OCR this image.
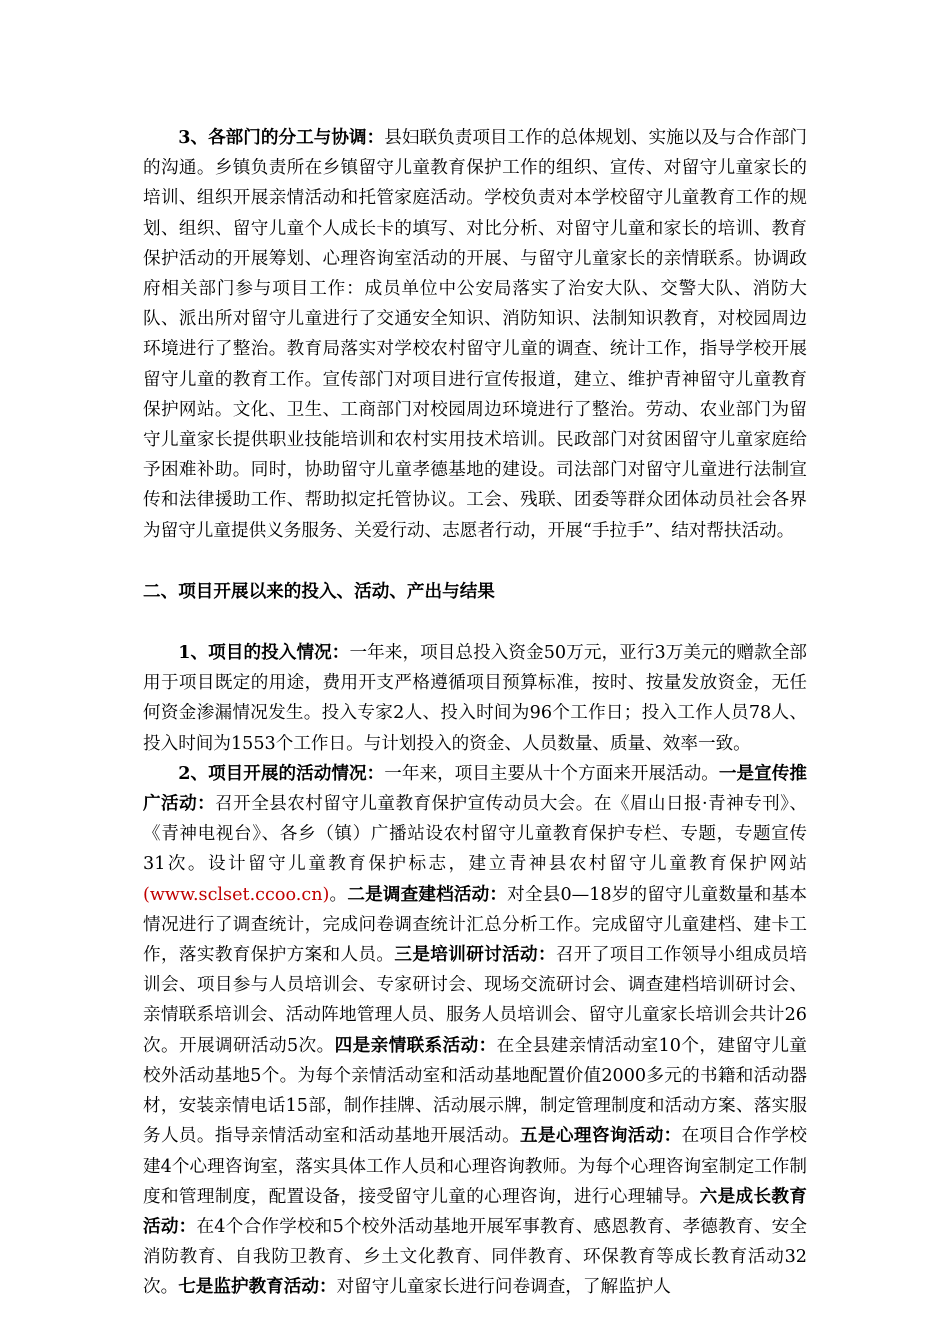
3、各部门的分工与协调：县妇联负责项目工作的总体规划、实施以及与合作部门的沟通。乡镇负责所在乡镇留守儿童教育保护工作的组织、宣传、对留守儿童家长的培训、组织开展亲情活动和托管家庭活动。学校负责对本学校留守儿童教育工作的规划、组织、留守儿童个人成长卡的填写、对比分析、对留守儿童和家长的培训、教育保护活动的开展筹划、心理咨询室活动的开展、与留守儿童家长的亲情联系。协调政府相关部门参与项目工作：成员单位中公安局落实了治安大队、交警大队、消防大队、派出所对留守儿童进行了交通安全知识、消防知识、法制知识教育，对校园周边环境进行了整治。教育局落实对学校农村留守儿童的调查、统计工作，指导学校开展留守儿童的教育工作。宣传部门对项目进行宣传报道，建立、维护青神留守儿童教育保护网站。文化、卫生、工商部门对校园周边环境进行了整治。劳动、农业部门为留守儿童家长提供职业技能培训和农村实用技术培训。民政部门对贫困留守儿童家庭给予困难补助。同时，协助留守儿童孝德基地的建设。司法部门对留守儿童进行法制宣传和法律援助工作、帮助拟定托管协议。工会、残联、团委等群众团体动员社会各界为留守儿童提供义务服务、关爱行动、志愿者行动，开展“手拉手”、结对帮扶活动。

二、项目开展以来的投入、活动、产出与结果

1、项目的投入情况：一年来，项目总投入资金50万元，亚行3万美元的赠款全部用于项目既定的用途，费用开支严格遵循项目预算标准，按时、按量发放资金，无任何资金渗漏情况发生。投入专家2人、投入时间为96个工作日；投入工作人员78人、投入时间为1553个工作日。与计划投入的资金、人员数量、质量、效率一致。

2、项目开展的活动情况：一年来，项目主要从十个方面来开展活动。一是宣传推广活动：召开全县农村留守儿童教育保护宣传动员大会。在《眉山日报·青神专刊》、《青神电视台》、各乡（镇）广播站设农村留守儿童教育保护专栏、专题，专题宣传31次。设计留守儿童教育保护标志，建立青神县农村留守儿童教育保护网站(www.sclset.ccoo.cn)。二是调查建档活动：对全县0—18岁的留守儿童数量和基本情况进行了调查统计，完成问卷调查统计汇总分析工作。完成留守儿童建档、建卡工作，落实教育保护方案和人员。三是培训研讨活动：召开了项目工作领导小组成员培训会、项目参与人员培训会、专家研讨会、现场交流研讨会、调查建档培训研讨会、亲情联系培训会、活动阵地管理人员、服务人员培训会、留守儿童家长培训会共计26次。开展调研活动5次。四是亲情联系活动：在全县建亲情活动室10个，建留守儿童校外活动基地5个。为每个亲情活动室和活动基地配置价值2000多元的书籍和活动器材，安装亲情电话15部，制作挂牌、活动展示牌，制定管理制度和活动方案、落实服务人员。指导亲情活动室和活动基地开展活动。五是心理咨询活动：在项目合作学校建4个心理咨询室，落实具体工作人员和心理咨询教师。为每个心理咨询室制定工作制度和管理制度，配置设备，接受留守儿童的心理咨询，进行心理辅导。六是成长教育活动：在4个合作学校和5个校外活动基地开展军事教育、感恩教育、孝德教育、安全消防教育、自我防卫教育、乡土文化教育、同伴教育、环保教育等成长教育活动32次。七是监护教育活动：对留守儿童家长进行问卷调查，了解监护人
